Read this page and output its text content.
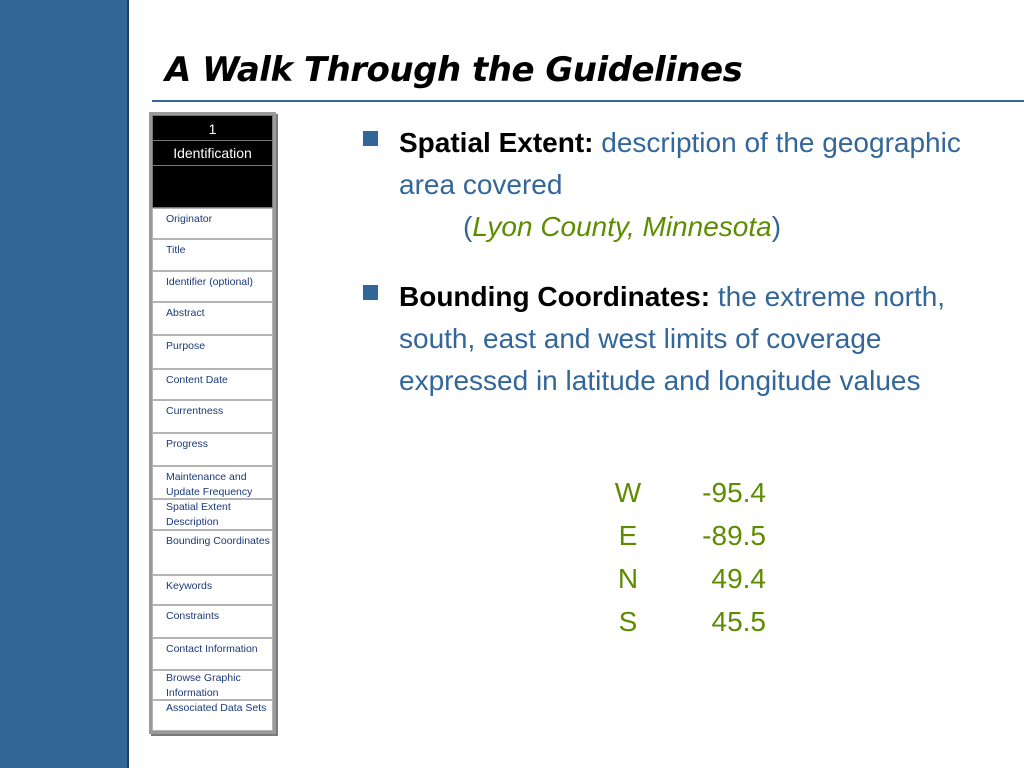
A Walk Through the Guidelines
1
Identification
Originator
Title
Identifier (optional)
Abstract
Purpose
Content Date
Currentness
Progress
Maintenance and Update Frequency
Spatial Extent Description
Bounding Coordinates
Keywords
Constraints
Contact Information
Browse Graphic Information
Associated Data Sets
Spatial Extent: description of the geographic area covered
(Lyon County, Minnesota)
Bounding Coordinates: the extreme north, south, east and west limits of coverage expressed in latitude and longitude values
W	-95.4
E	-89.5
N	49.4
S	45.5
